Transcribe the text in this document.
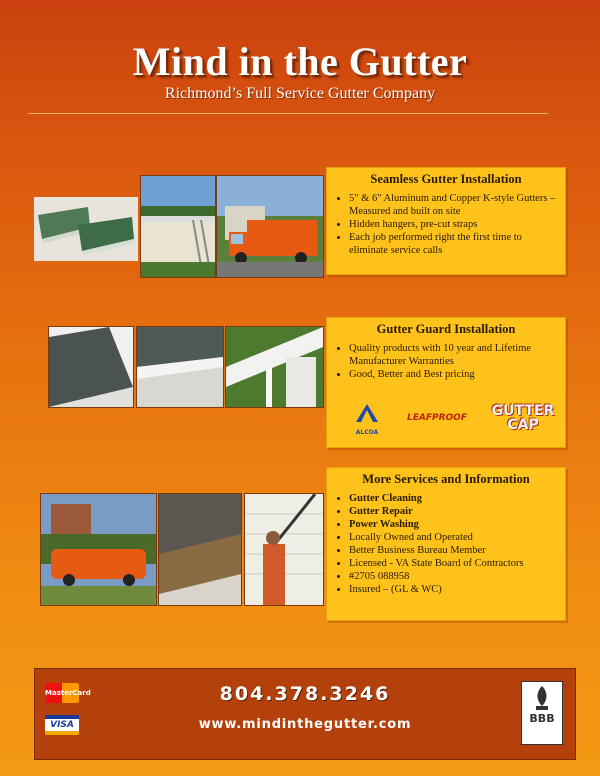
Mind in the Gutter
Richmond’s Full Service Gutter Company
Seamless Gutter Installation
• 5" & 6" Aluminum and Copper K-style Gutters – Measured and built on site
• Hidden hangers, pre-cut straps
• Each job performed right the first time to eliminate service calls
Gutter Guard Installation
• Quality products with 10 year and Lifetime Manufacturer Warranties
• Good, Better and Best pricing
ALCOA
LEAFPROOF	GUTTER CAP
More Services and Information
• Gutter Cleaning
• Gutter Repair
• Power Washing
• Locally Owned and Operated
• Better Business Bureau Member
• Licensed - VA State Board of Contractors
• #2705 088958
• Insured – (GL & WC)
MasterCard
VISA
804.378.3246
www.mindinthegutter.com	BBB
